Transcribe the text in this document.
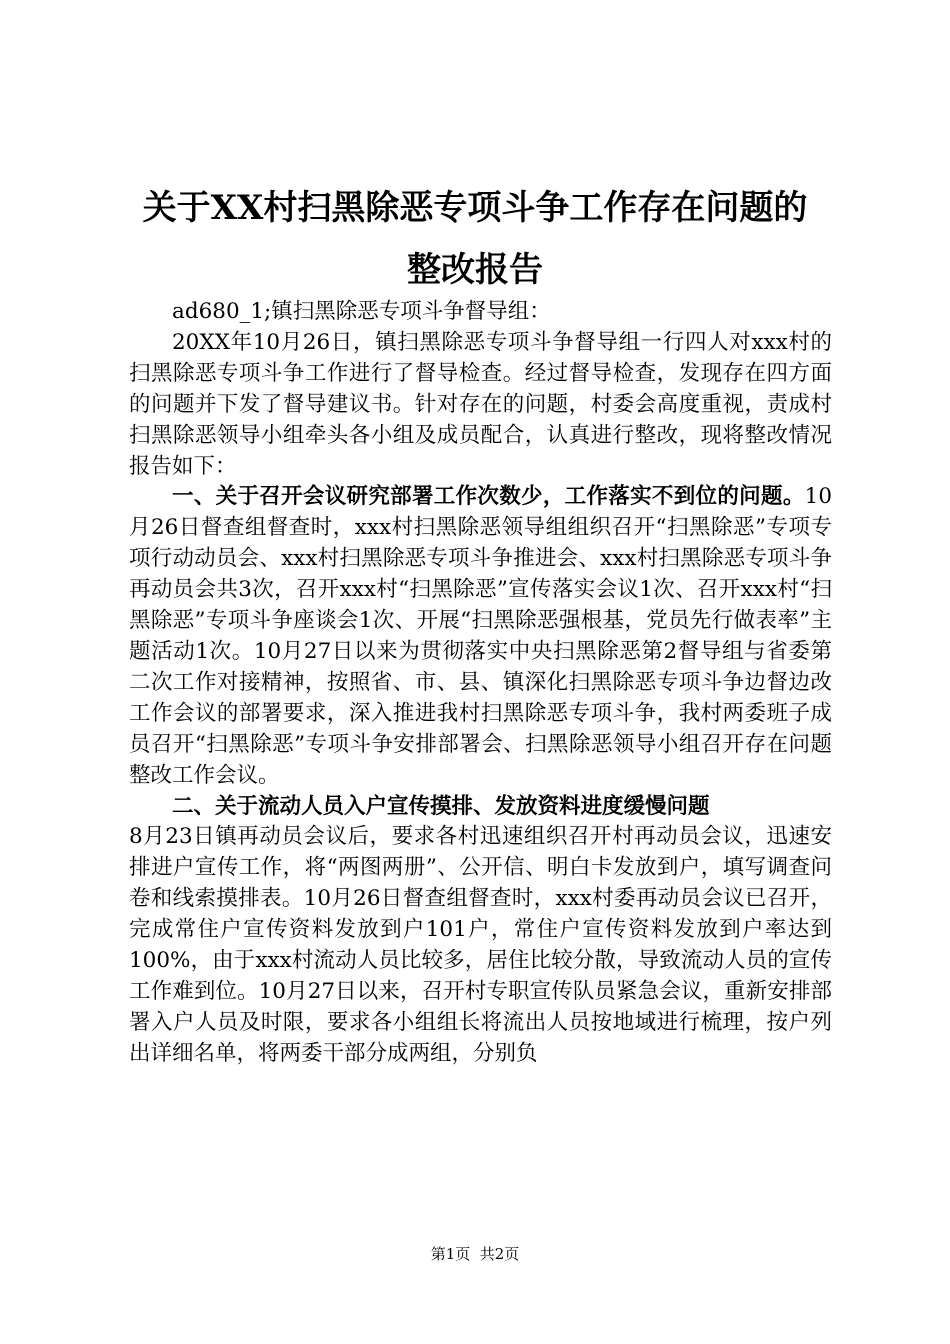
关于XX村扫黑除恶专项斗争工作存在问题的
整改报告

ad680_1;镇扫黑除恶专项斗争督导组：

20XX年10月26日，镇扫黑除恶专项斗争督导组一行四人对xxx村的扫黑除恶专项斗争工作进行了督导检查。经过督导检查，发现存在四方面的问题并下发了督导建议书。针对存在的问题，村委会高度重视，责成村扫黑除恶领导小组牵头各小组及成员配合，认真进行整改，现将整改情况报告如下：

一、关于召开会议研究部署工作次数少，工作落实不到位的问题。10月26日督查组督查时，xxx村扫黑除恶领导组组织召开“扫黑除恶”专项专项行动动员会、xxx村扫黑除恶专项斗争推进会、xxx村扫黑除恶专项斗争再动员会共3次，召开xxx村“扫黑除恶”宣传落实会议1次、召开xxx村“扫黑除恶”专项斗争座谈会1次、开展“扫黑除恶强根基，党员先行做表率”主题活动1次。10月27日以来为贯彻落实中央扫黑除恶第2督导组与省委第二次工作对接精神，按照省、市、县、镇深化扫黑除恶专项斗争边督边改工作会议的部署要求，深入推进我村扫黑除恶专项斗争，我村两委班子成员召开“扫黑除恶”专项斗争安排部署会、扫黑除恶领导小组召开存在问题整改工作会议。

二、关于流动人员入户宣传摸排、发放资料进度缓慢问题

8月23日镇再动员会议后，要求各村迅速组织召开村再动员会议，迅速安排进户宣传工作，将“两图两册”、公开信、明白卡发放到户，填写调查问卷和线索摸排表。10月26日督查组督查时，xxx村委再动员会议已召开，完成常住户宣传资料发放到户101户，常住户宣传资料发放到户率达到100%，由于xxx村流动人员比较多，居住比较分散，导致流动人员的宣传工作难到位。10月27日以来，召开村专职宣传队员紧急会议，重新安排部署入户人员及时限，要求各小组组长将流出人员按地域进行梳理，按户列出详细名单，将两委干部分成两组，分别负

第1页  共2页
